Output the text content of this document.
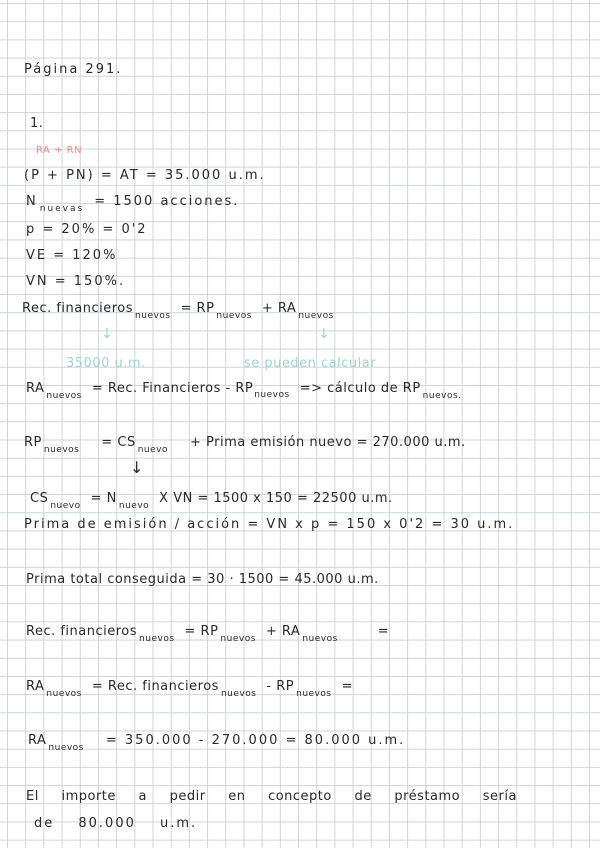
Página 291.
1.
RA + RN
(P + PN) = AT = 35.000 u.m.
N $_{nuevas}$ = 1500 acciones.
p = 20% = 0'2
VE = 120%
VN = 150%.
Rec. financieros $_{nuevos}$ = RP $_{nuevos}$ + RA $_{nuevos}$
↓	↓
35000 u.m.	se pueden calcular
RA $_{nuevos}$ = Rec. Financieros - $RP_{nuevos}$ => cálculo de RP $_{nuevos.}$
RP $_{nuevos}$ = CS $_{nuevo}$ + Prima emisión nuevo = 270.000 u.m.
↓
CS $_{nuevo}$ = N $_{nuevo}$ X VN = 1500 x 150 = 22500 u.m.
Prima de emisión / acción = VN x p = 150 x 0'2 = 30 u.m.
Prima total conseguida = 30 · 1500 = 45.000 u.m.
Rec. financieros $_{nuevos}$ = RP $_{nuevos}$ + RA $_{nuevos}$	=
RA $_{nuevos}$ = Rec. financieros $_{nuevos}$ - RP $_{nuevos}$ =
RA $_{nuevos}$ = 350.000 - 270.000 = 80.000 u.m.
El importe a pedir en concepto de préstamo sería
de 80.000 u.m.
